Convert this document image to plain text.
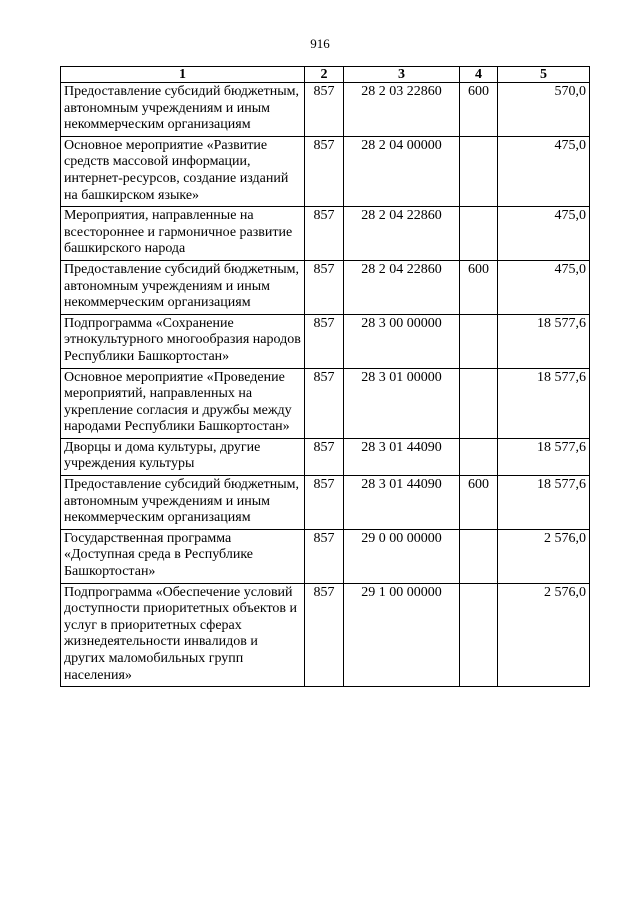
916
1	2	3	4	5
Предоставление субсидий бюджетным, автономным учреждениям и иным некоммерческим организациям	857	28 2 03 22860	600	570,0
Основное мероприятие «Развитие средств массовой информации, интернет-ресурсов, создание изданий на башкирском языке»	857	28 2 04 00000		475,0
Мероприятия, направленные на всестороннее и гармоничное развитие башкирского народа	857	28 2 04 22860		475,0
Предоставление субсидий бюджетным, автономным учреждениям и иным некоммерческим организациям	857	28 2 04 22860	600	475,0
Подпрограмма «Сохранение этнокультурного многообразия народов Республики Башкортостан»	857	28 3 00 00000		18 577,6
Основное мероприятие «Проведение мероприятий, направленных на укрепление согласия и дружбы между народами Республики Башкортостан»	857	28 3 01 00000		18 577,6
Дворцы и дома культуры, другие учреждения культуры	857	28 3 01 44090		18 577,6
Предоставление субсидий бюджетным, автономным учреждениям и иным некоммерческим организациям	857	28 3 01 44090	600	18 577,6
Государственная программа «Доступная среда в Республике Башкортостан»	857	29 0 00 00000		2 576,0
Подпрограмма «Обеспечение условий доступности приоритетных объектов и услуг в приоритетных сферах жизнедеятельности инвалидов и других маломобильных групп населения»	857	29 1 00 00000		2 576,0
